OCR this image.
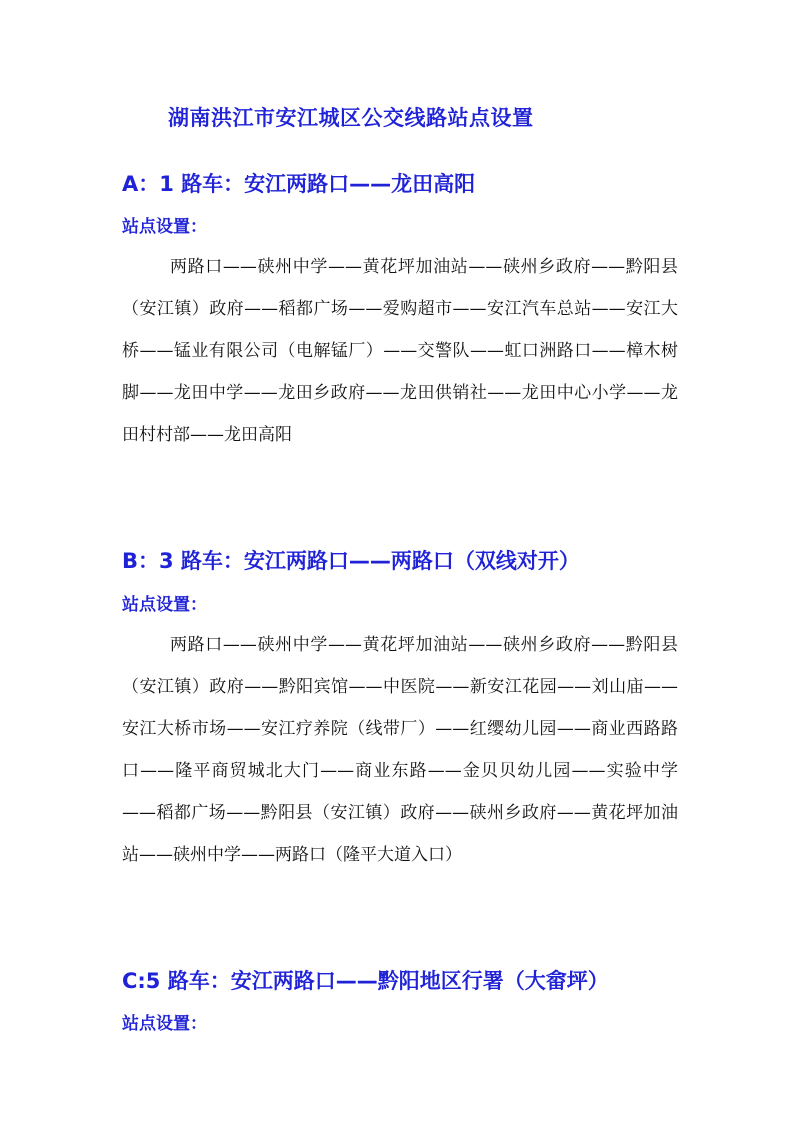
湖南洪江市安江城区公交线路站点设置
A：1 路车：安江两路口——龙田高阳
站点设置：

两路口——硖州中学——黄花坪加油站——硖州乡政府——黔阳县（安江镇）政府——稻都广场——爱购超市——安江汽车总站——安江大桥——锰业有限公司（电解锰厂）——交警队——虹口洲路口——樟木树脚——龙田中学——龙田乡政府——龙田供销社——龙田中心小学——龙田村村部——龙田高阳

B：3 路车：安江两路口——两路口（双线对开）
站点设置：

两路口——硖州中学——黄花坪加油站——硖州乡政府——黔阳县（安江镇）政府——黔阳宾馆——中医院——新安江花园——刘山庙——安江大桥市场——安江疗养院（线带厂）——红缨幼儿园——商业西路路口——隆平商贸城北大门——商业东路——金贝贝幼儿园——实验中学——稻都广场——黔阳县（安江镇）政府——硖州乡政府——黄花坪加油站——硖州中学——两路口（隆平大道入口）

C:5 路车：安江两路口——黔阳地区行署（大畲坪）
站点设置：
